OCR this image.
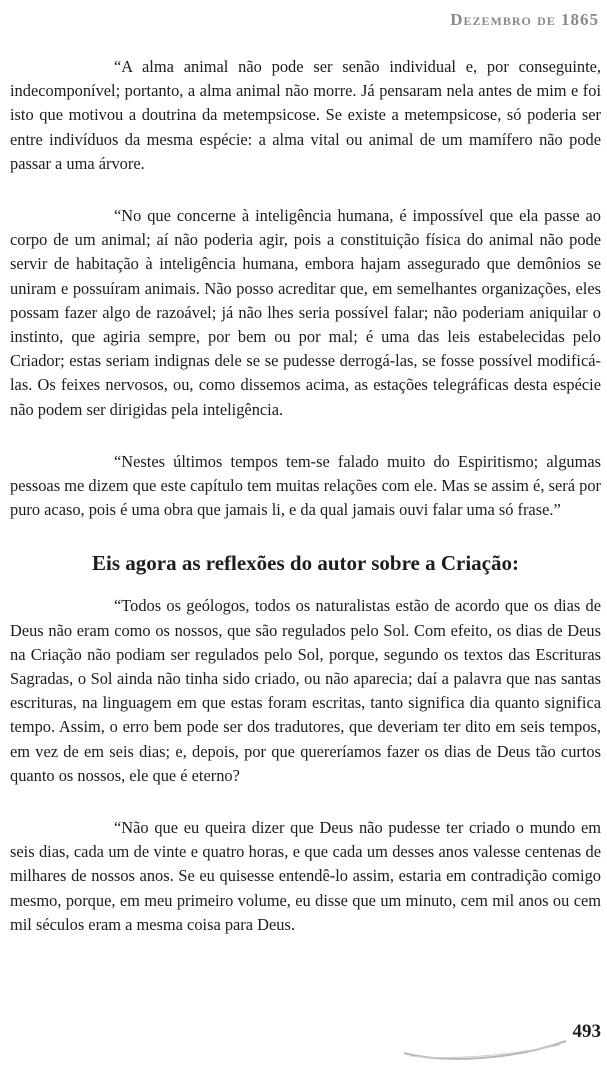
Dezembro de 1865

“A alma animal não pode ser senão individual e, por conseguinte, indecomponível; portanto, a alma animal não morre. Já pensaram nela antes de mim e foi isto que motivou a doutrina da metempsicose. Se existe a metempsicose, só poderia ser entre indivíduos da mesma espécie: a alma vital ou animal de um mamífero não pode passar a uma árvore.

“No que concerne à inteligência humana, é impossível que ela passe ao corpo de um animal; aí não poderia agir, pois a constituição física do animal não pode servir de habitação à inteligência humana, embora hajam assegurado que demônios se uniram e possuíram animais. Não posso acreditar que, em semelhantes organizações, eles possam fazer algo de razoável; já não lhes seria possível falar; não poderiam aniquilar o instinto, que agiria sempre, por bem ou por mal; é uma das leis estabelecidas pelo Criador; estas seriam indignas dele se se pudesse derrogá-las, se fosse possível modificá-las. Os feixes nervosos, ou, como dissemos acima, as estações telegráficas desta espécie não podem ser dirigidas pela inteligência.

“Nestes últimos tempos tem-se falado muito do Espiritismo; algumas pessoas me dizem que este capítulo tem muitas relações com ele. Mas se assim é, será por puro acaso, pois é uma obra que jamais li, e da qual jamais ouvi falar uma só frase.”

Eis agora as reflexões do autor sobre a Criação:

“Todos os geólogos, todos os naturalistas estão de acordo que os dias de Deus não eram como os nossos, que são regulados pelo Sol. Com efeito, os dias de Deus na Criação não podiam ser regulados pelo Sol, porque, segundo os textos das Escrituras Sagradas, o Sol ainda não tinha sido criado, ou não aparecia; daí a palavra que nas santas escrituras, na linguagem em que estas foram escritas, tanto significa dia quanto significa tempo. Assim, o erro bem pode ser dos tradutores, que deveriam ter dito em seis tempos, em vez de em seis dias; e, depois, por que quereríamos fazer os dias de Deus tão curtos quanto os nossos, ele que é eterno?

“Não que eu queira dizer que Deus não pudesse ter criado o mundo em seis dias, cada um de vinte e quatro horas, e que cada um desses anos valesse centenas de milhares de nossos anos. Se eu quisesse entendê-lo assim, estaria em contradição comigo mesmo, porque, em meu primeiro volume, eu disse que um minuto, cem mil anos ou cem mil séculos eram a mesma coisa para Deus.

493
